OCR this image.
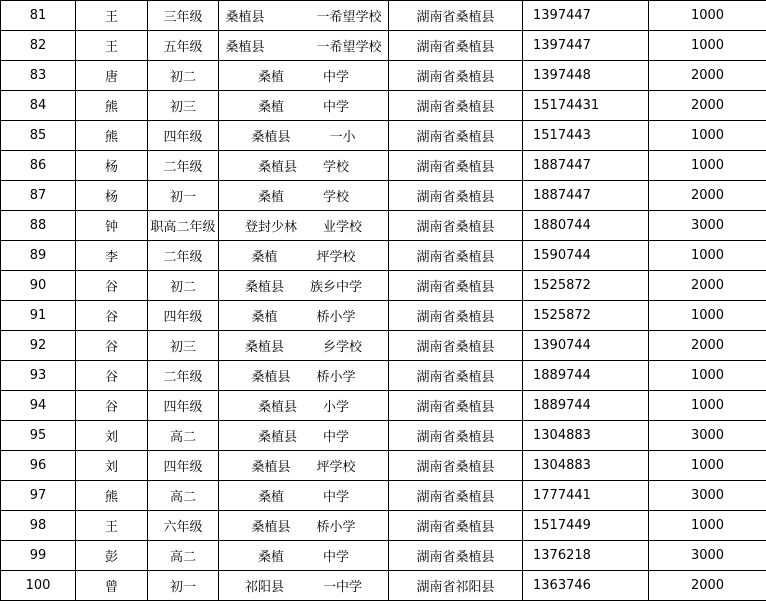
81	王	三年级	桑植县　　　　一希望学校	湖南省桑植县	1397447	1000
82	王	五年级	桑植县　　　　一希望学校	湖南省桑植县	1397447	1000
83	唐	初二	桑植　　　中学	湖南省桑植县	1397448	2000
84	熊	初三	桑植　　　中学	湖南省桑植县	15174431	2000
85	熊	四年级	桑植县　　　一小	湖南省桑植县	1517443	1000
86	杨	二年级	桑植县　　学校	湖南省桑植县	1887447	1000
87	杨	初一	桑植　　　学校	湖南省桑植县	1887447	2000
88	钟	职高二年级	登封少林　　业学校	湖南省桑植县	1880744	3000
89	李	二年级	桑植　　　坪学校	湖南省桑植县	1590744	1000
90	谷	初二	桑植县　　族乡中学	湖南省桑植县	1525872	2000
91	谷	四年级	桑植　　　桥小学	湖南省桑植县	1525872	1000
92	谷	初三	桑植县　　　乡学校	湖南省桑植县	1390744	2000
93	谷	二年级	桑植县　　桥小学	湖南省桑植县	1889744	1000
94	谷	四年级	桑植县　　小学	湖南省桑植县	1889744	1000
95	刘	高二	桑植县　　中学	湖南省桑植县	1304883	3000
96	刘	四年级	桑植县　　坪学校	湖南省桑植县	1304883	1000
97	熊	高二	桑植　　　中学	湖南省桑植县	1777441	3000
98	王	六年级	桑植县　　桥小学	湖南省桑植县	1517449	1000
99	彭	高二	桑植　　　中学	湖南省桑植县	1376218	3000
100	曾	初一	祁阳县　　　一中学	湖南省祁阳县	1363746	2000
